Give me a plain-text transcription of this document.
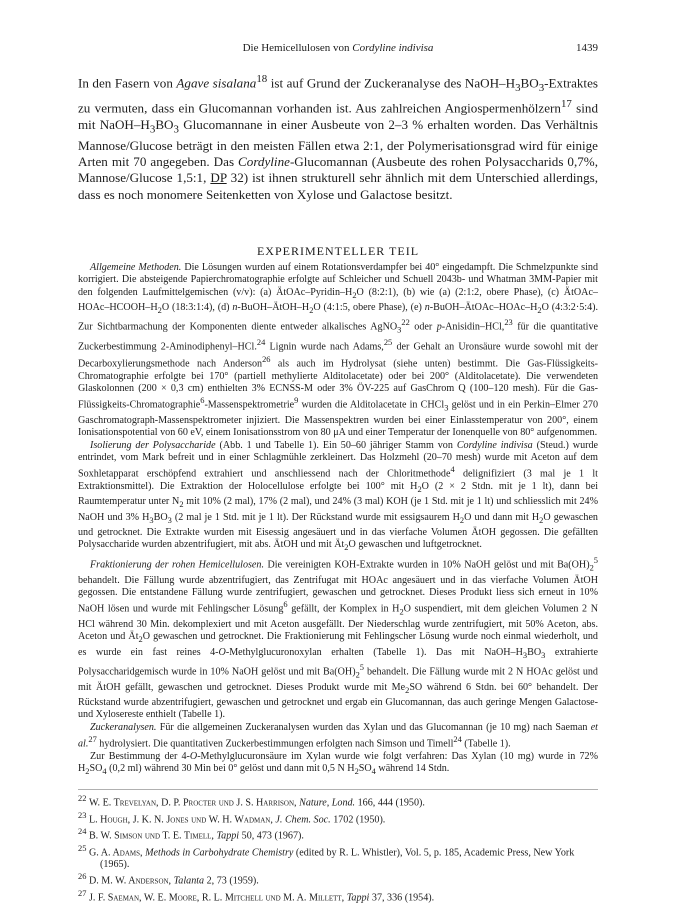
Die Hemicellulosen von Cordyline indivisa	1439

In den Fasern von Agave sisalana$^{18}$ ist auf Grund der Zuckeranalyse des NaOH–$H_3BO_3$-Extraktes zu vermuten, dass ein Glucomannan vorhanden ist. Aus zahlreichen Angiospermenhölzern$^{17}$ sind mit NaOH–$H_3BO_3$ Glucomannane in einer Ausbeute von 2–3 % erhalten worden. Das Verhältnis Mannose/Glucose beträgt in den meisten Fällen etwa 2:1, der Polymerisationsgrad wird für einige Arten mit 70 angegeben. Das Cordyline-Glucomannan (Ausbeute des rohen Polysaccharids 0,7%, Mannose/Glucose 1,5:1, DP 32) ist ihnen strukturell sehr ähnlich mit dem Unterschied allerdings, dass es noch monomere Seitenketten von Xylose und Galactose besitzt.

EXPERIMENTELLER TEIL

Allgemeine Methoden. Die Lösungen wurden auf einem Rotationsverdampfer bei 40° eingedampft. Die Schmelzpunkte sind korrigiert. Die absteigende Papierchromatographie erfolgte auf Schleicher und Schuell 2043b- und Whatman 3MM-Papier mit den folgenden Laufmittelgemischen (v/v): (a) ÄtOAc–$Pyridin-H_2O$ (8:2:1), (b) wie (a) (2:1:2, obere Phase), (c) ÄtOAc–$HOAc-HCOOH-H_2O$ (18:3:1:4), (d) $n-BuOH-ÄtOH-H_2O$ (4:1:5, obere Phase), (e) $n-BuOH-ÄtOAc-HOAc-H_2O$ (4:3:2·5:4). Zur Sichtbarmachung der Komponenten diente entweder alkalisches AgNO$_3^{22}$ oder p-Anisidin–HCl,$^{23}$ für die quantitative Zuckerbestimmung 2-Aminodiphenyl–HCl.$^{24}$ Lignin wurde nach Adams,$^{25}$ der Gehalt an Uronsäure wurde sowohl mit der Decarboxylierungsmethode nach Anderson$^{26}$ als auch im Hydrolysat (siehe unten) bestimmt. Die Gas-Flüssigkeits-Chromatographie erfolgte bei 170° (partiell methylierte Alditolacetate) oder bei 200° (Alditolacetate). Die verwendeten Glaskolonnen (200 × 0,3 cm) enthielten 3% ECNSS-M oder 3% ÖV-225 auf GasChrom Q (100–120 mesh). Für die Gas-Flüssigkeits-Chromatographie$^6$-Massenspektrometrie$^9$ wurden die Alditolacetate in CHCl$_3$ gelöst und in ein Perkin–Elmer 270 Gaschromatograph-Massenspektrometer injiziert. Die Massenspektren wurden bei einer Einlasstemperatur von 200°, einem Ionisationspotential von 60 eV, einem Ionisationsstrom von 80 μA und einer Temperatur der Ionenquelle von 80° aufgenommen.

Isolierung der Polysaccharide (Abb. 1 und Tabelle 1). Ein 50–60 jähriger Stamm von Cordyline indivisa (Steud.) wurde entrindet, vom Mark befreit und in einer Schlagmühle zerkleinert. Das Holzmehl (20–70 mesh) wurde mit Aceton auf dem Soxhletapparat erschöpfend extrahiert und anschliessend nach der Chloritmethode$^4$ delignifiziert (3 mal je 1 lt Extraktionsmittel). Die Extraktion der Holocellulose erfolgte bei 100° mit $H_2O$ (2 × 2 Stdn. mit je 1 lt), dann bei Raumtemperatur unter $N_2$ mit 10% (2 mal), 17% (2 mal), und 24% (3 mal) KOH (je 1 Std. mit je 1 lt) und schliesslich mit 24% NaOH und 3% $H_3BO_3$ (2 mal je 1 Std. mit je 1 lt). Der Rückstand wurde mit essigsaurem $H_2O$ und dann mit $H_2O$ gewaschen und getrocknet. Die Extrakte wurden mit Eisessig angesäuert und in das vierfache Volumen ÄtOH gegossen. Die gefällten Polysaccharide wurden abzentrifugiert, mit abs. ÄtOH und mit $Ät_2O$ gewaschen und luftgetrocknet.

Fraktionierung der rohen Hemicellulosen. Die vereinigten KOH-Extrakte wurden in 10% NaOH gelöst und mit $Ba(OH)_2^5$ behandelt. Die Fällung wurde abzentrifugiert, das Zentrifugat mit HOAc angesäuert und in das vierfache Volumen ÄtOH gegossen. Die entstandene Fällung wurde zentrifugiert, gewaschen und getrocknet. Dieses Produkt liess sich erneut in 10% NaOH lösen und wurde mit Fehlingscher Lösung$^6$ gefällt, der Komplex in $H_2O$ suspendiert, mit dem gleichen Volumen 2 N HCl während 30 Min. dekomplexiert und mit Aceton ausgefällt. Der Niederschlag wurde zentrifugiert, mit 50% Aceton, abs. Aceton und $Ät_2O$ gewaschen und getrocknet. Die Fraktionierung mit Fehlingscher Lösung wurde noch einmal wiederholt, und es wurde ein fast reines 4-O-Methylglucuronoxylan erhalten (Tabelle 1). Das mit NaOH–$H_3BO_3$ extrahierte Polysaccharidgemisch wurde in 10% NaOH gelöst und mit $Ba(OH)_2^5$ behandelt. Die Fällung wurde mit 2 N HOAc gelöst und mit ÄtOH gefällt, gewaschen und getrocknet. Dieses Produkt wurde mit $Me_2SO$ während 6 Stdn. bei 60° behandelt. Der Rückstand wurde abzentrifugiert, gewaschen und getrocknet und ergab ein Glucomannan, das auch geringe Mengen Galactose- und Xylosereste enthielt (Tabelle 1).

Zuckeranalysen. Für die allgemeinen Zuckeranalysen wurden das Xylan und das Glucomannan (je 10 mg) nach Saeman et al.$^{27}$ hydrolysiert. Die quantitativen Zuckerbestimmungen erfolgten nach Simson und Timell$^{24}$ (Tabelle 1).

Zur Bestimmung der 4-O-Methylglucuronsäure im Xylan wurde wie folgt verfahren: Das Xylan (10 mg) wurde in 72% $H_2SO_4$ (0,2 ml) während 30 Min bei 0° gelöst und dann mit 0,5 N $H_2SO_4$ während 14 Stdn.

$^{22}$ W. E. Trevelyan, D. P. Procter und J. S. Harrison, Nature, Lond. 166, 444 (1950).
$^{23}$ L. Hough, J. K. N. Jones und W. H. Wadman, J. Chem. Soc. 1702 (1950).
$^{24}$ B. W. Simson und T. E. Timell, Tappi 50, 473 (1967).
$^{25}$ G. A. Adams, Methods in Carbohydrate Chemistry (edited by R. L. Whistler), Vol. 5, p. 185, Academic Press, New York (1965).
$^{26}$ D. M. W. Anderson, Talanta 2, 73 (1959).
$^{27}$ J. F. Saeman, W. E. Moore, R. L. Mitchell und M. A. Millett, Tappi 37, 336 (1954).
